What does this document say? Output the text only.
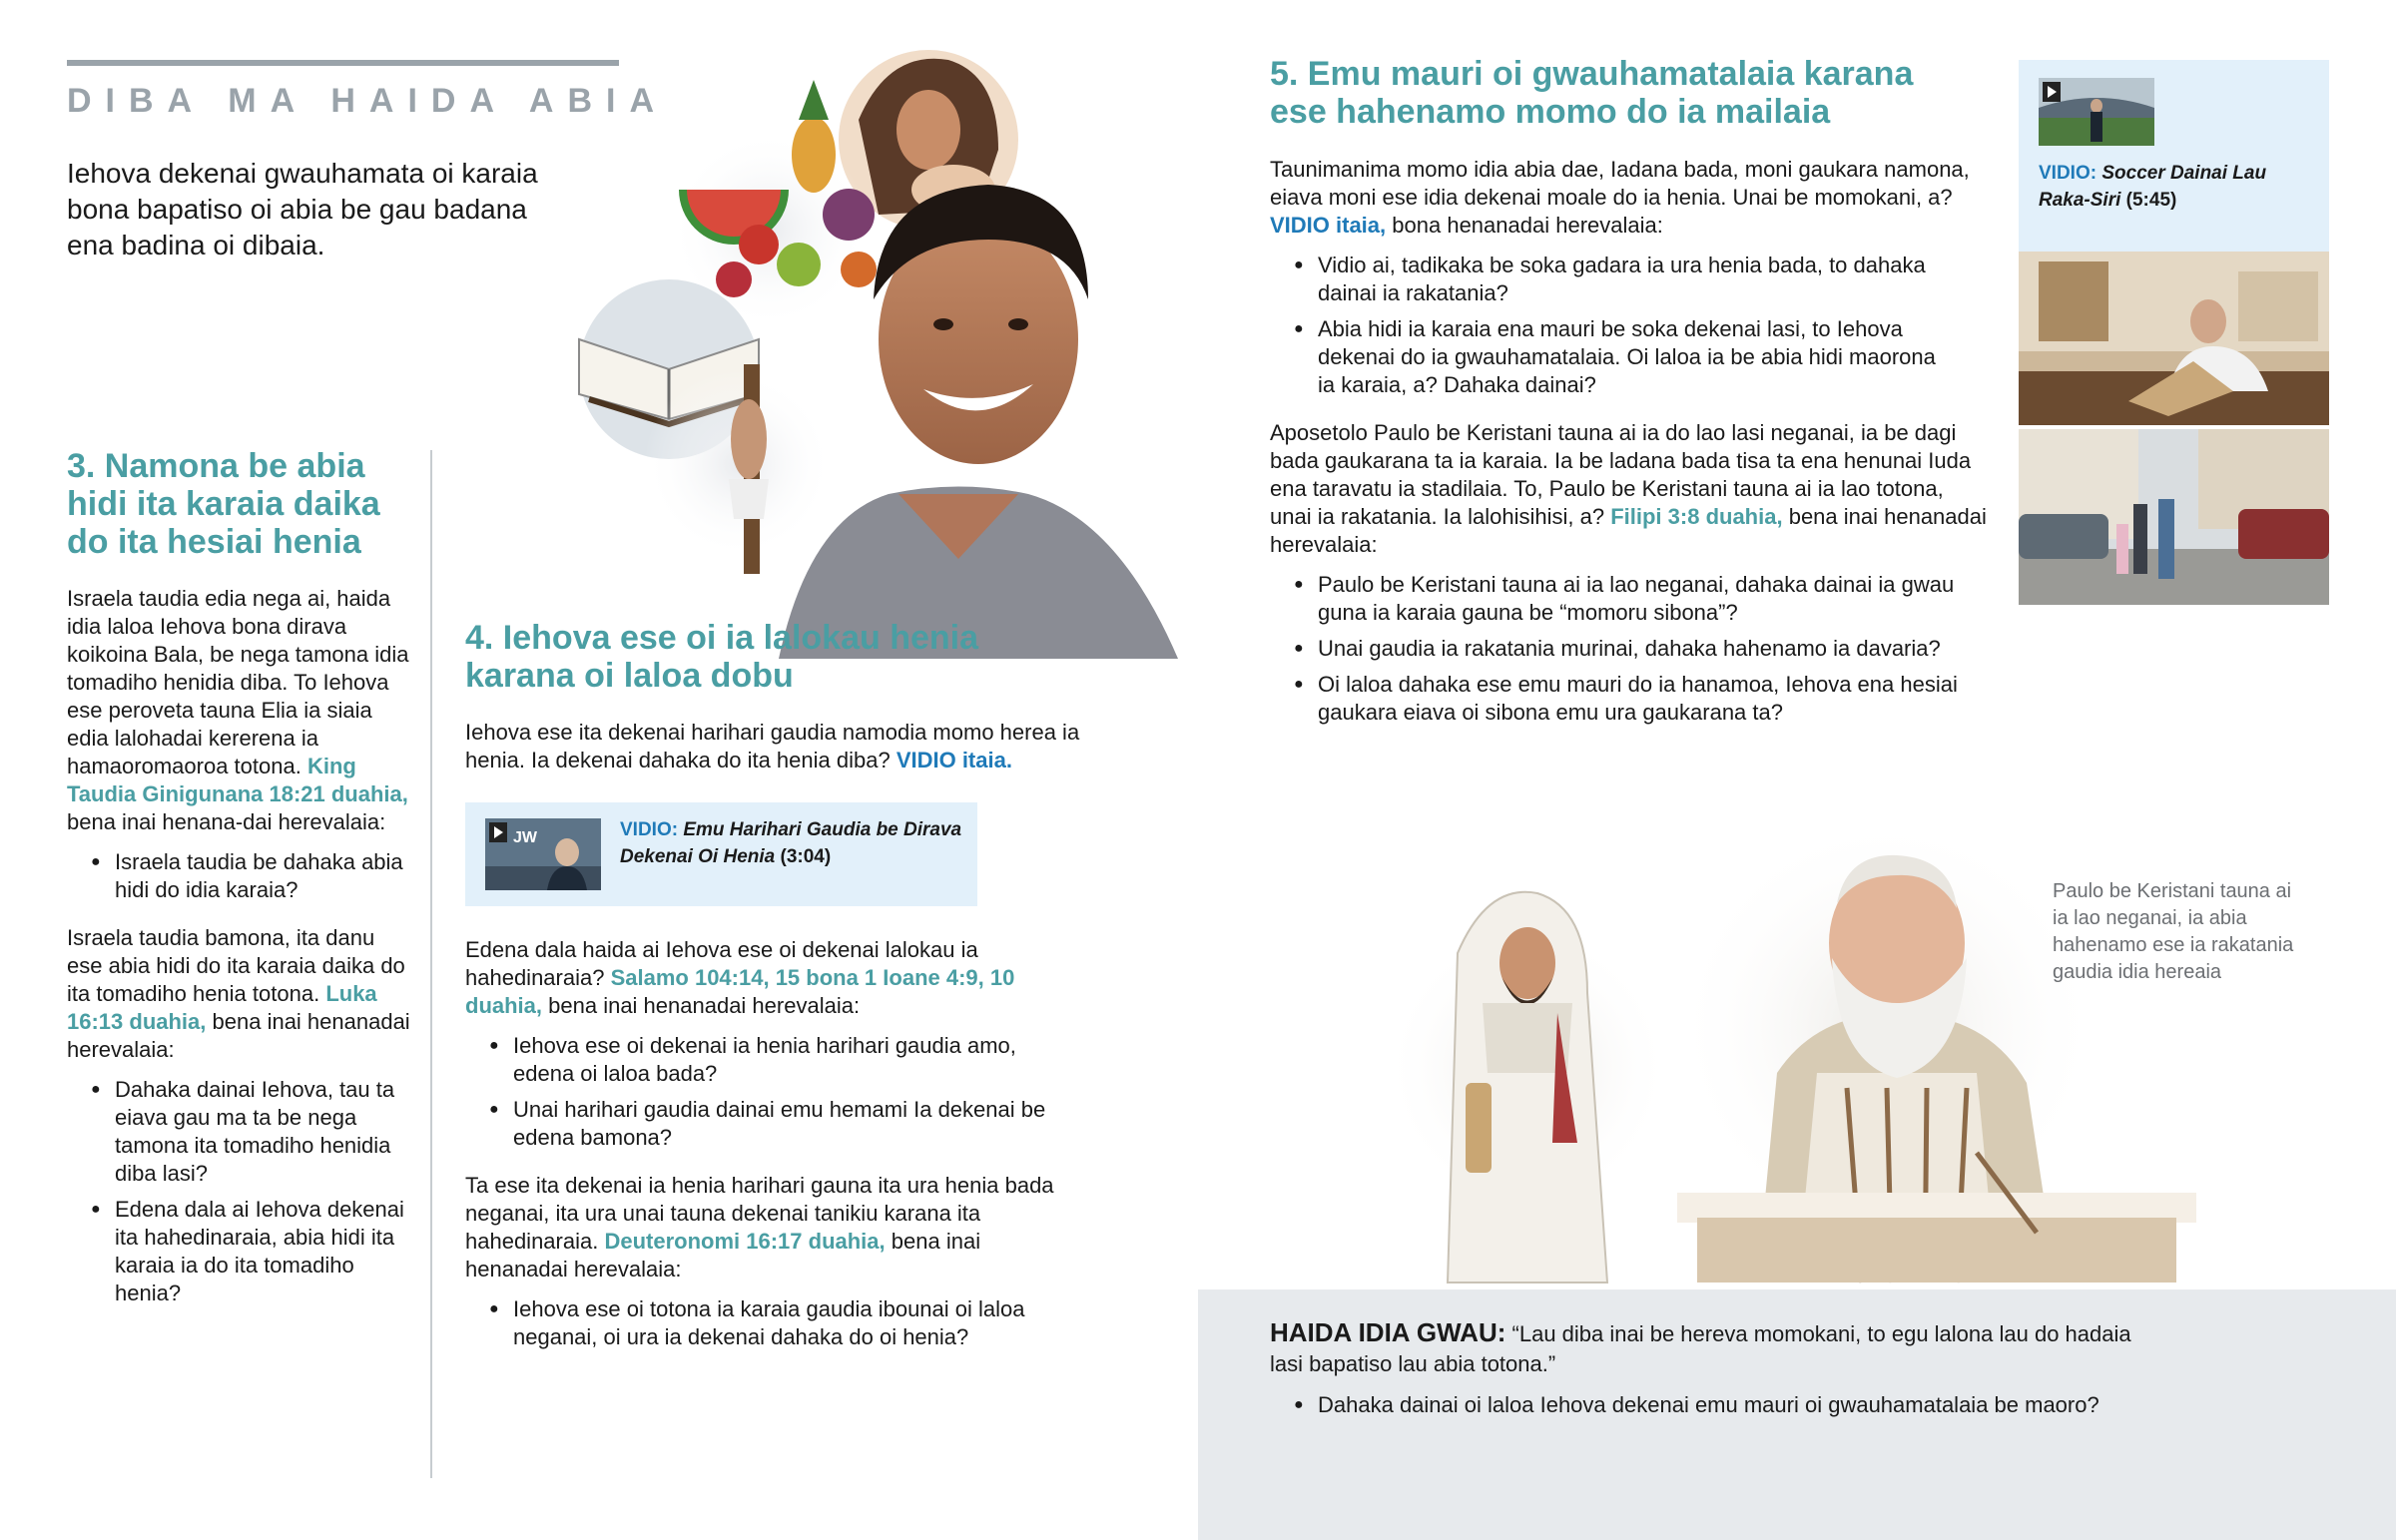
DIBA MA HAIDA ABIA

Iehova dekenai gwauhamata oi karaia bona bapatiso oi abia be gau badana ena badina oi dibaia.

3. Namona be abia hidi ita karaia daika do ita hesiai henia

Israela taudia edia nega ai, haida idia laloa Iehova bona dirava koikoina Bala, be nega tamona idia tomadiho henidia diba. To Iehova ese peroveta tauna Elia ia siaia edia lalohadai kererena ia hamaoromaoroa totona. King Taudia Ginigunana 18:21 duahia, bena inai henana-dai herevalaia:

● Israela taudia be dahaka abia hidi do idia karaia?

Israela taudia bamona, ita danu ese abia hidi do ita karaia daika do ita tomadiho henia totona. Luka 16:13 duahia, bena inai henanadai herevalaia:

● Dahaka dainai Iehova, tau ta eiava gau ma ta be nega tamona ita tomadiho henidia diba lasi?
● Edena dala ai Iehova dekenai ita hahedinaraia, abia hidi ita karaia ia do ita tomadiho henia?
4. Iehova ese oi ia lalokau henia karana oi laloa dobu

Iehova ese ita dekenai harihari gaudia namodia momo herea ia henia. Ia dekenai dahaka do ita henia diba? VIDIO itaia.

JW	VIDIO: Emu Harihari Gaudia be Dirava Dekenai Oi Henia (3:04)

Edena dala haida ai Iehova ese oi dekenai lalokau ia hahedinaraia? Salamo 104:14, 15 bona 1 Ioane 4:9, 10 duahia, bena inai henanadai herevalaia:

● Iehova ese oi dekenai ia henia harihari gaudia amo, edena oi laloa bada?
● Unai harihari gaudia dainai emu hemami Ia dekenai be edena bamona?

Ta ese ita dekenai ia henia harihari gauna ita ura henia bada neganai, ita ura unai tauna dekenai tanikiu karana ita hahedinaraia. Deuteronomi 16:17 duahia, bena inai henanadai herevalaia:

● Iehova ese oi totona ia karaia gaudia ibounai oi laloa neganai, oi ura ia dekenai dahaka do oi henia?
5. Emu mauri oi gwauhamatalaia karana ese hahenamo momo do ia mailaia

Taunimanima momo idia abia dae, Iadana bada, moni gaukara namona, eiava moni ese idia dekenai moale do ia henia. Unai be momokani, a? VIDIO itaia, bona henanadai herevalaia:

● Vidio ai, tadikaka be soka gadara ia ura henia bada, to dahaka dainai ia rakatania?
● Abia hidi ia karaia ena mauri be soka dekenai lasi, to Iehova dekenai do ia gwauhamatalaia. Oi laloa ia be abia hidi maorona ia karaia, a? Dahaka dainai?

Aposetolo Paulo be Keristani tauna ai ia do lao lasi neganai, ia be dagi bada gaukarana ta ia karaia. Ia be ladana bada tisa ta ena henunai Iuda ena taravatu ia stadilaia. To, Paulo be Keristani tauna ai ia lao totona, unai ia rakatania. Ia lalohisihisi, a? Filipi 3:8 duahia, bena inai henanadai herevalaia:

● Paulo be Keristani tauna ai ia lao neganai, dahaka dainai ia gwau guna ia karaia gauna be “momoru sibona”?
● Unai gaudia ia rakatania murinai, dahaka hahenamo ia davaria?
● Oi laloa dahaka ese emu mauri do ia hanamoa, Iehova ena hesiai gaukara eiava oi sibona emu ura gaukarana ta?
VIDIO: Soccer Dainai Lau Raka-Siri (5:45)

Paulo be Keristani tauna ai ia lao neganai, ia abia hahenamo ese ia rakatania gaudia idia hereaia

HAIDA IDIA GWAU: “Lau diba inai be hereva momokani, to egu lalona lau do hadaia lasi bapatiso lau abia totona.”

● Dahaka dainai oi laloa Iehova dekenai emu mauri oi gwauhamatalaia be maoro?
